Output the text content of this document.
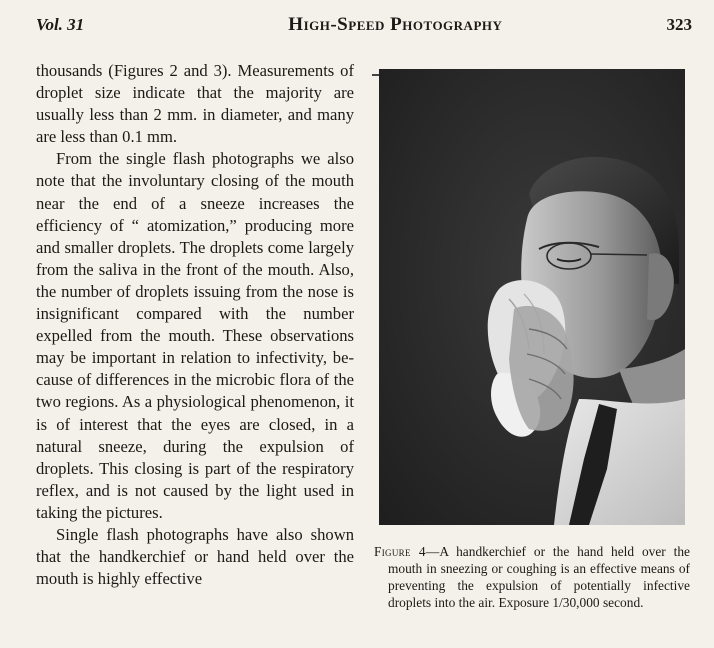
Vol. 31	High-Speed Photography	323

thousands (Figures 2 and 3). Measurements of droplet size indicate that the majority are usually less than 2 mm. in diameter, and many are less than 0.1 mm.

From the single flash photographs we also note that the involuntary closing of the mouth near the end of a sneeze increases the efficiency of “ atomization,” producing more and smaller droplets. The droplets come largely from the saliva in the front of the mouth. Also, the number of droplets issuing from the nose is insignificant compared with the number expelled from the mouth. These observations may be important in relation to infectivity, because of differences in the microbic flora of the two regions. As a physiological phenomenon, it is of interest that the eyes are closed, in a natural sneeze, during the expulsion of droplets. This closing is part of the respiratory reflex, and is not caused by the light used in taking the pictures.

Single flash photographs have also shown that the handkerchief or hand held over the mouth is highly effective

Figure 4—A handkerchief or the hand held over the mouth in sneezing or coughing is an effective means of preventing the expulsion of potentially infective droplets into the air. Exposure 1/30,000 second.
